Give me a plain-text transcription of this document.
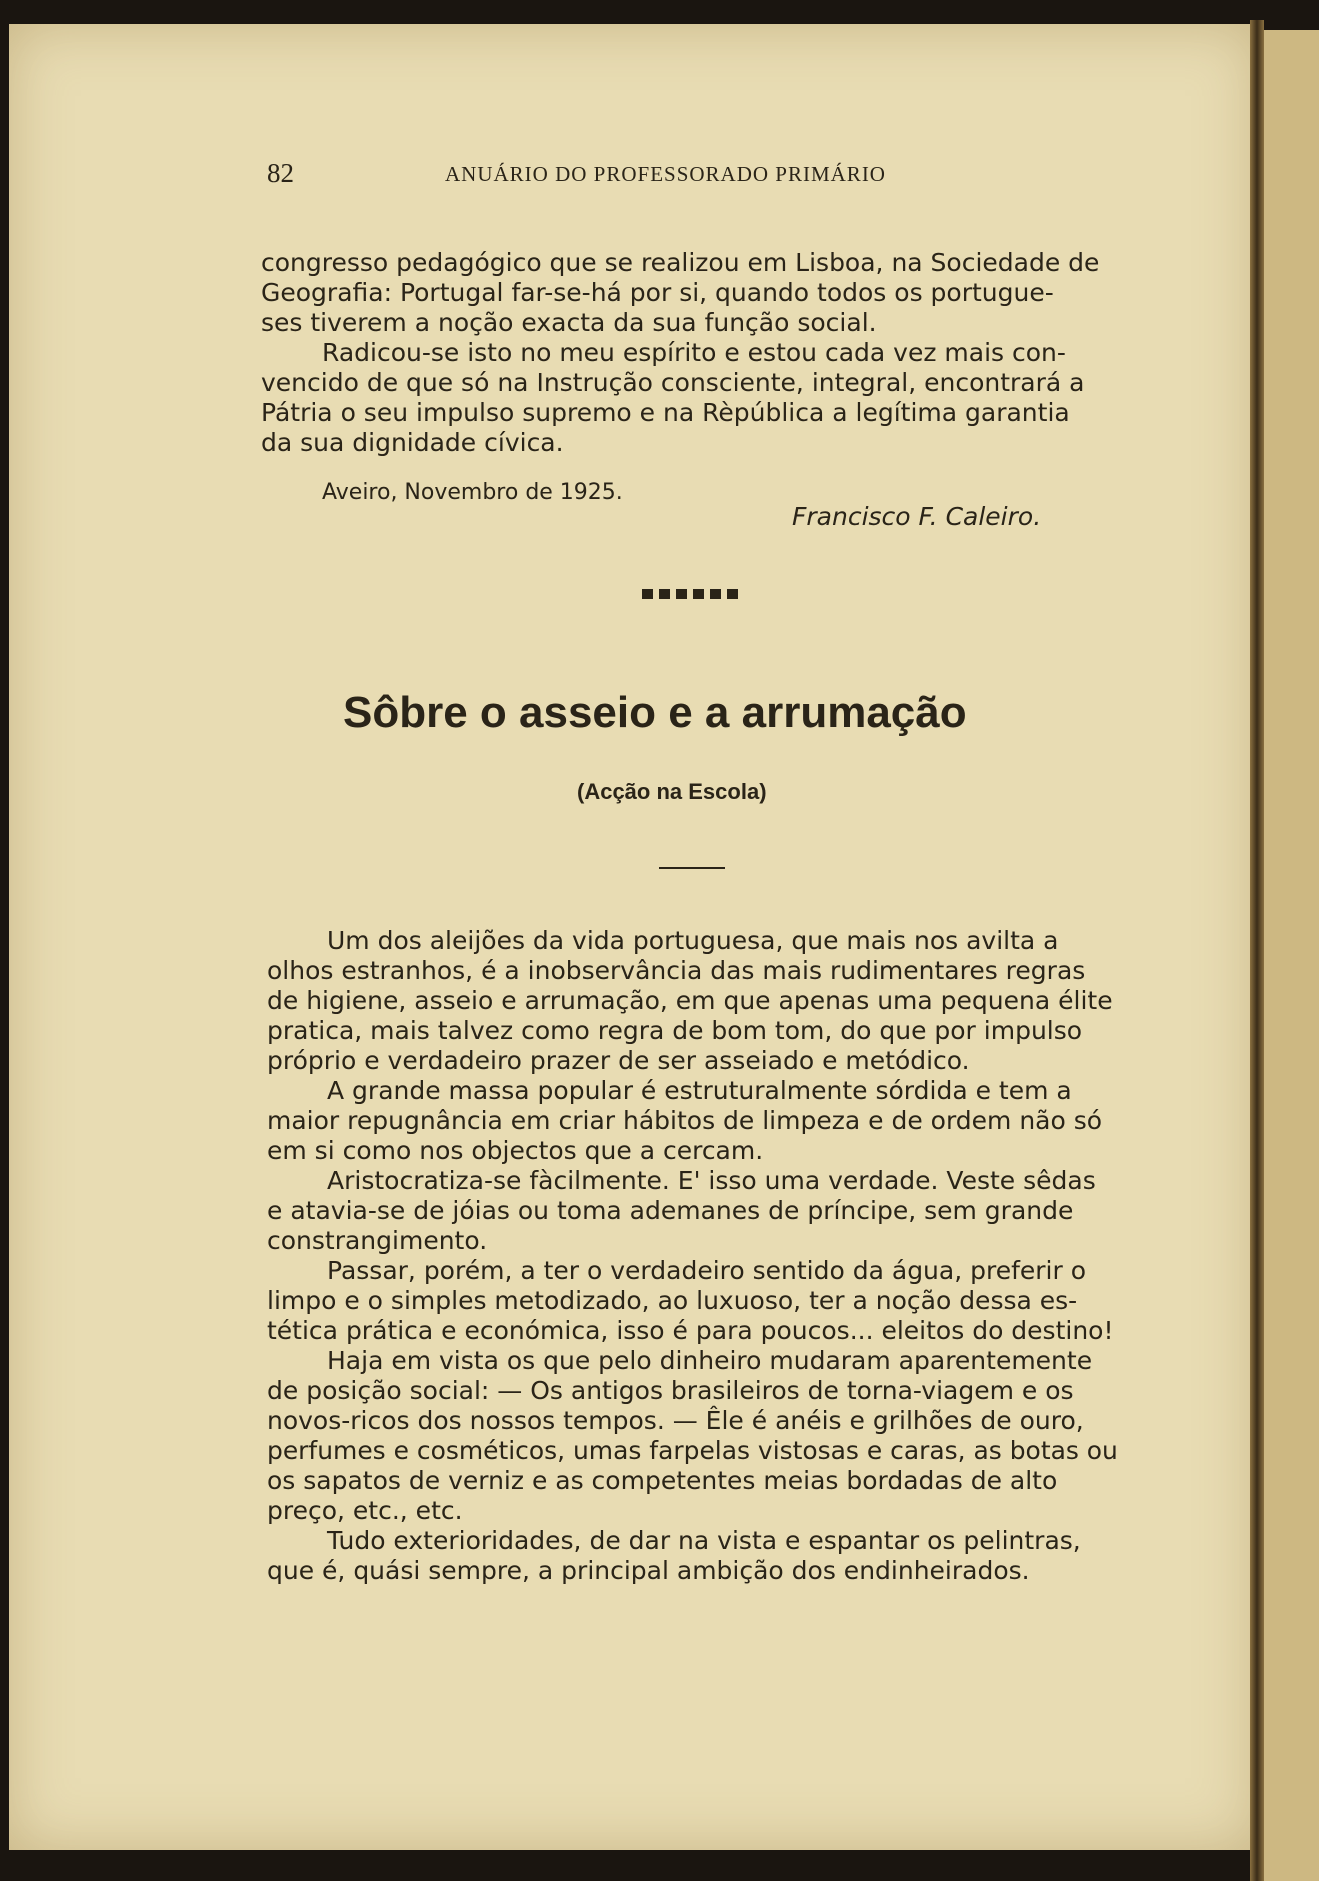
82	ANUÁRIO DO PROFESSORADO PRIMÁRIO
congresso pedagógico que se realizou em Lisboa, na Sociedade de
Geografia: Portugal far-se-há por si, quando todos os portugue-
ses tiverem a noção exacta da sua função social.
Radicou-se isto no meu espírito e estou cada vez mais con-
vencido de que só na Instrução consciente, integral, encontrará a
Pátria o seu impulso supremo e na Rèpública a legítima garantia
da sua dignidade cívica.
Aveiro, Novembro de 1925.
Francisco F. Caleiro.
Sôbre o asseio e a arrumação
(Acção na Escola)
Um dos aleijões da vida portuguesa, que mais nos avilta a
olhos estranhos, é a inobservância das mais rudimentares regras
de higiene, asseio e arrumação, em que apenas uma pequena élite
pratica, mais talvez como regra de bom tom, do que por impulso
próprio e verdadeiro prazer de ser asseiado e metódico.
A grande massa popular é estruturalmente sórdida e tem a
maior repugnância em criar hábitos de limpeza e de ordem não só
em si como nos objectos que a cercam.
Aristocratiza-se fàcilmente. E' isso uma verdade. Veste sêdas
e atavia-se de jóias ou toma ademanes de príncipe, sem grande
constrangimento.
Passar, porém, a ter o verdadeiro sentido da água, preferir o
limpo e o simples metodizado, ao luxuoso, ter a noção dessa es-
tética prática e económica, isso é para poucos... eleitos do destino!
Haja em vista os que pelo dinheiro mudaram aparentemente
de posição social: — Os antigos brasileiros de torna-viagem e os
novos-ricos dos nossos tempos. — Êle é anéis e grilhões de ouro,
perfumes e cosméticos, umas farpelas vistosas e caras, as botas ou
os sapatos de verniz e as competentes meias bordadas de alto
preço, etc., etc.
Tudo exterioridades, de dar na vista e espantar os pelintras,
que é, quási sempre, a principal ambição dos endinheirados.
